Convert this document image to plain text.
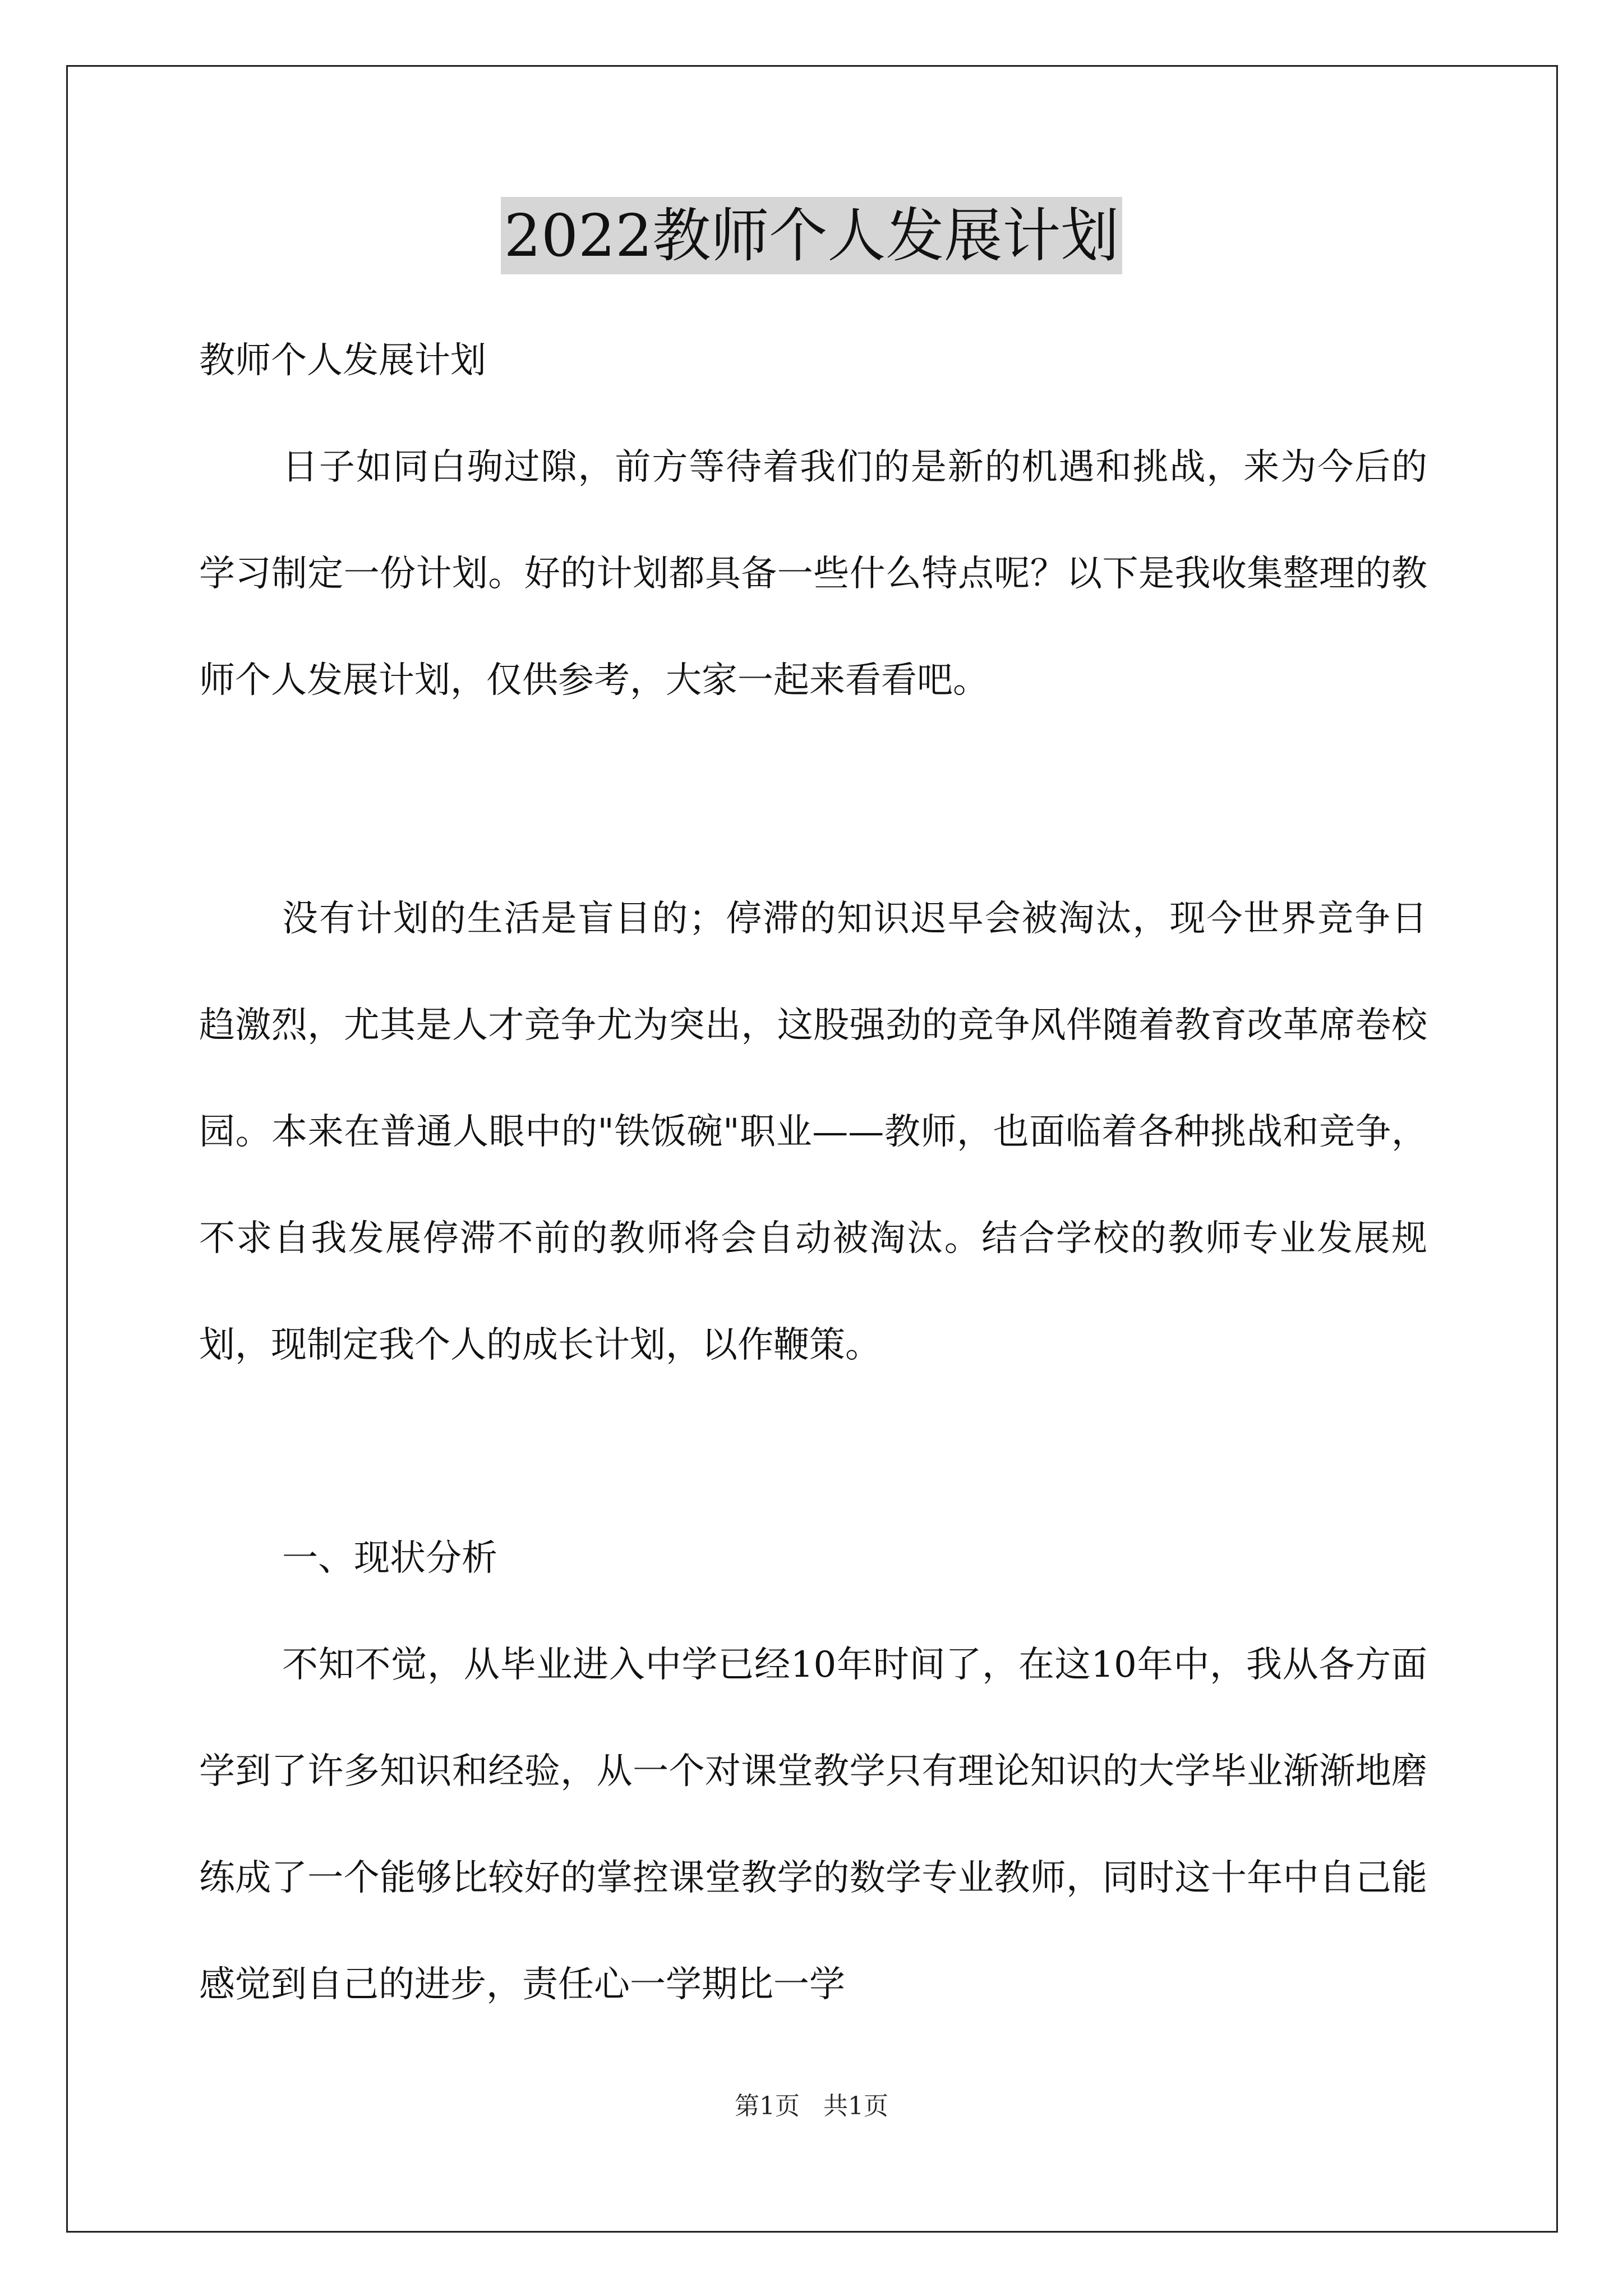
2022教师个人发展计划

教师个人发展计划

日子如同白驹过隙，前方等待着我们的是新的机遇和挑战，来为今后的学习制定一份计划。好的计划都具备一些什么特点呢？以下是我收集整理的教师个人发展计划，仅供参考，大家一起来看看吧。

没有计划的生活是盲目的；停滞的知识迟早会被淘汰，现今世界竞争日趋激烈，尤其是人才竞争尤为突出，这股强劲的竞争风伴随着教育改革席卷校园。本来在普通人眼中的"铁饭碗"职业——教师，也面临着各种挑战和竞争，不求自我发展停滞不前的教师将会自动被淘汰。结合学校的教师专业发展规划，现制定我个人的成长计划，以作鞭策。

一、现状分析

不知不觉，从毕业进入中学已经10年时间了，在这10年中，我从各方面学到了许多知识和经验，从一个对课堂教学只有理论知识的大学毕业渐渐地磨练成了一个能够比较好的掌控课堂教学的数学专业教师，同时这十年中自己能感觉到自己的进步，责任心一学期比一学

第1页 共1页
